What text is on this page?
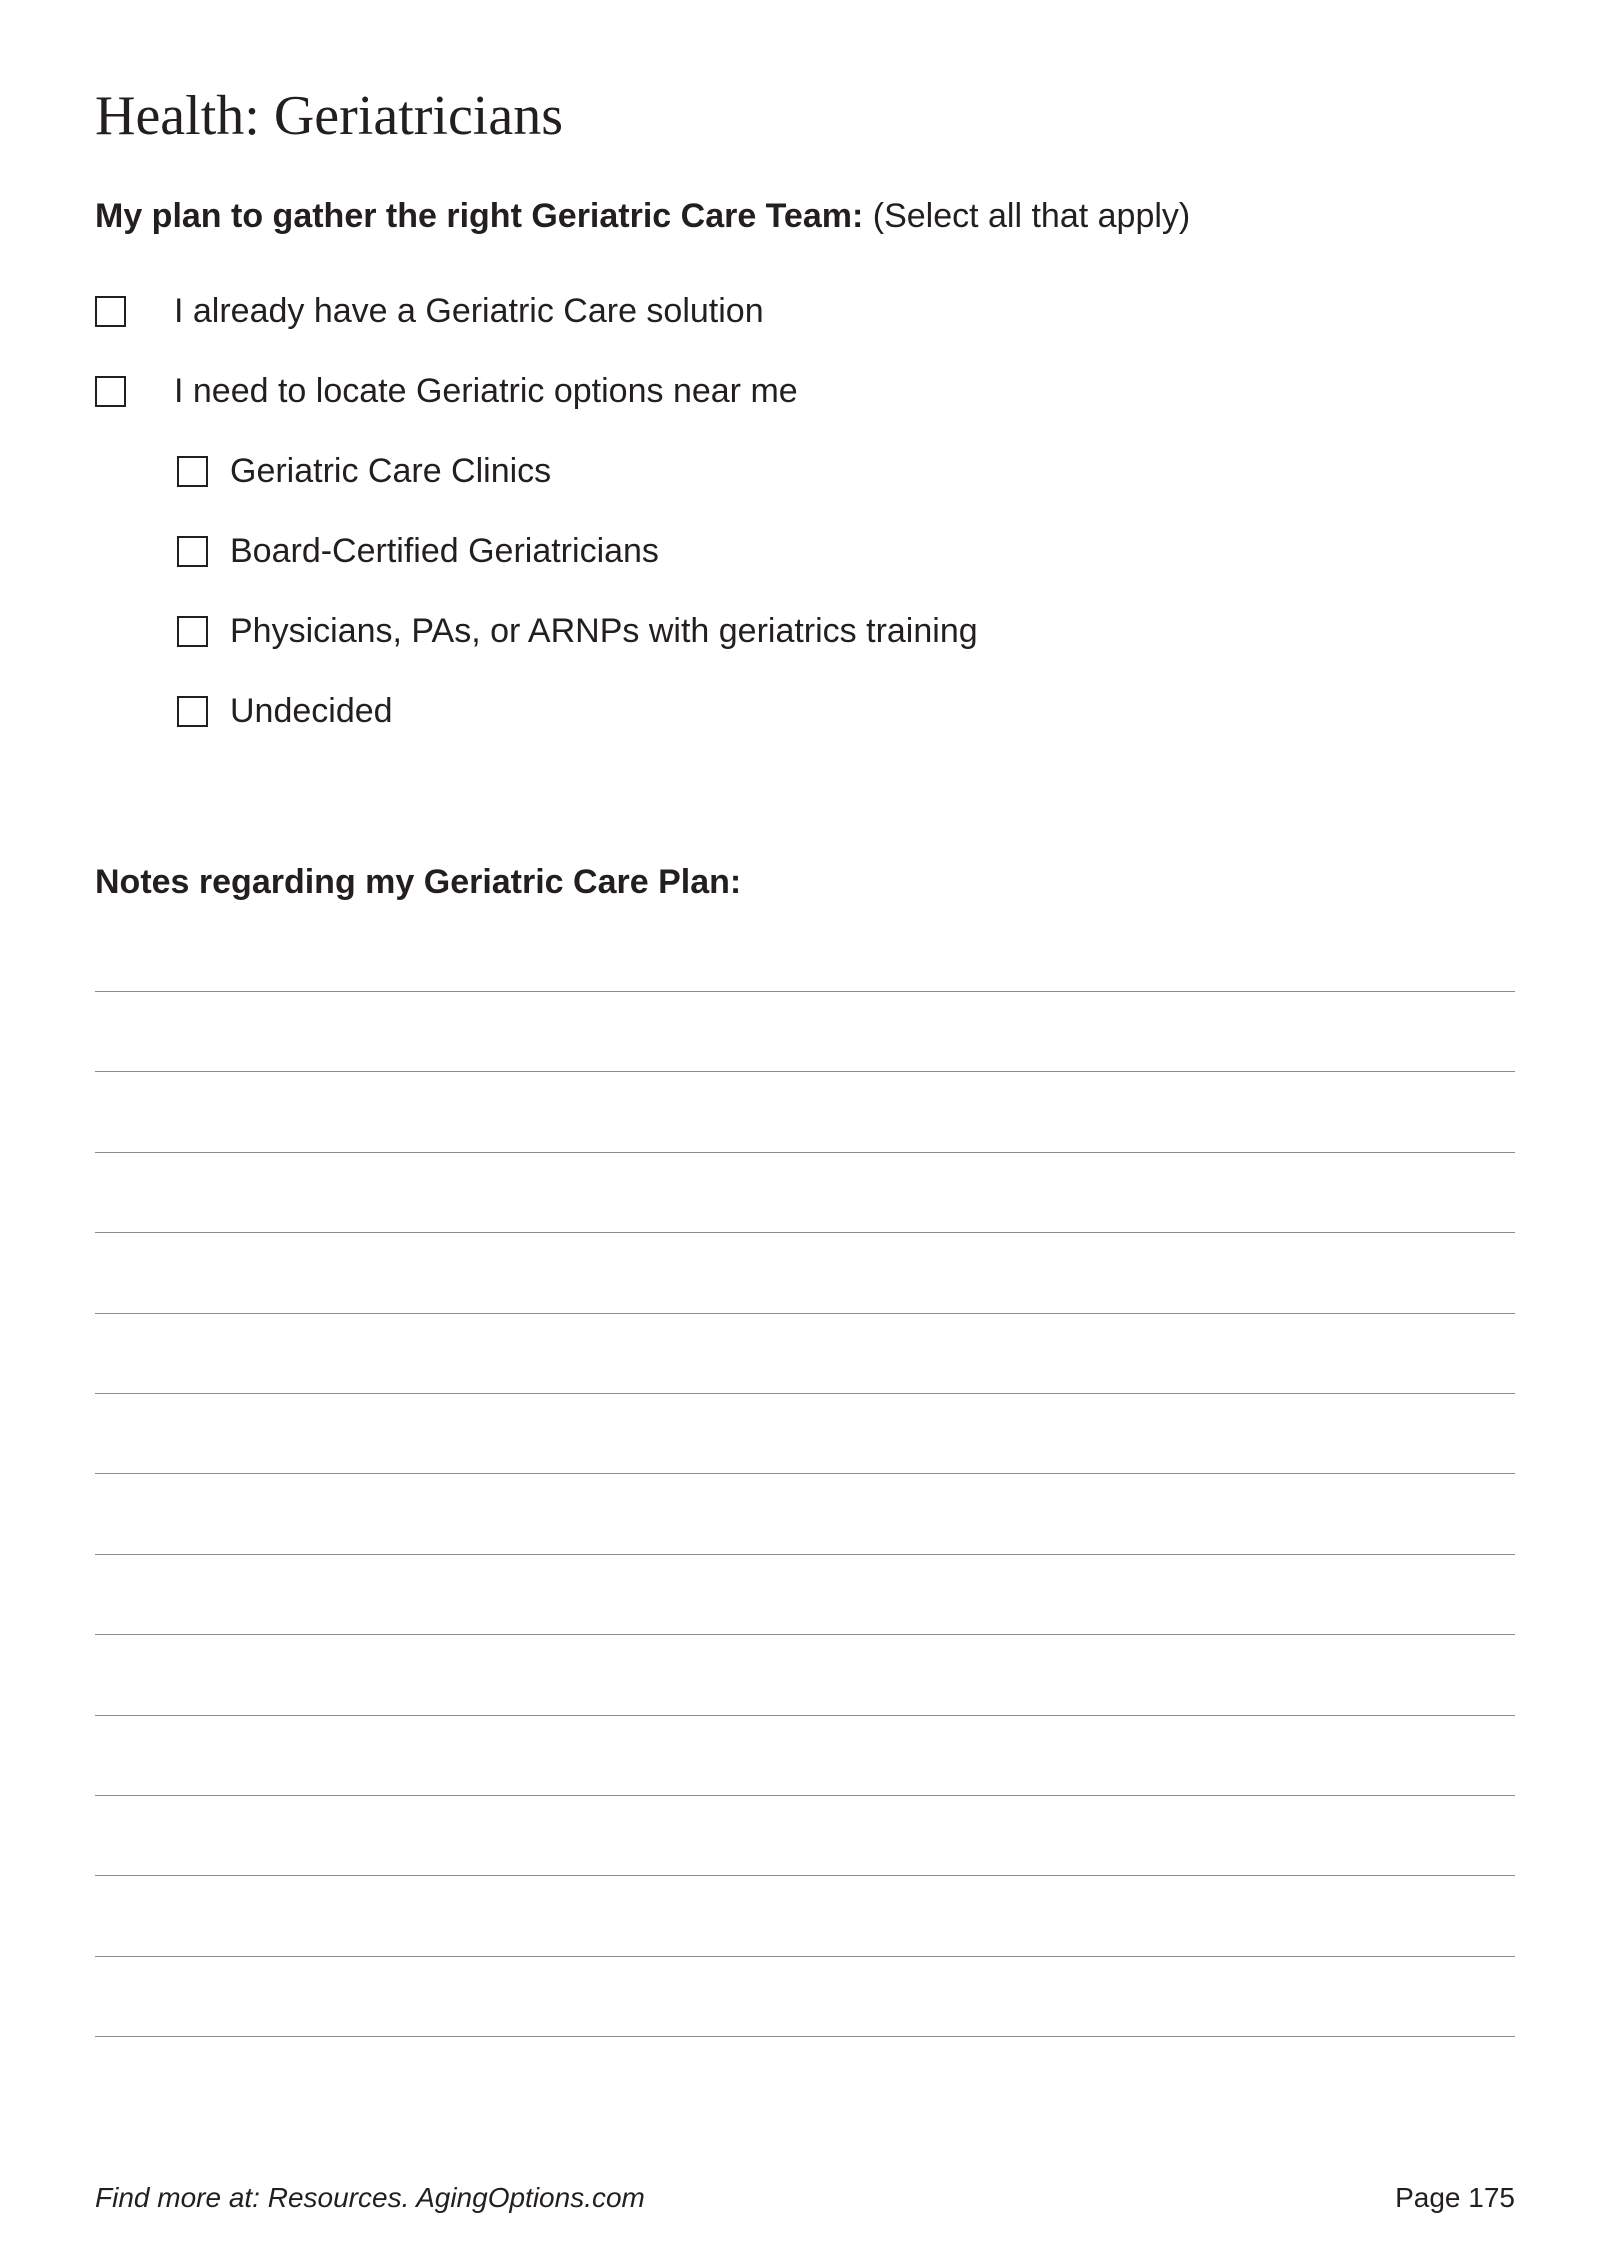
Health: Geriatricians

My plan to gather the right Geriatric Care Team: (Select all that apply)

I already have a Geriatric Care solution
I need to locate Geriatric options near me
Geriatric Care Clinics
Board-Certified Geriatricians
Physicians, PAs, or ARNPs with geriatrics training
Undecided
Notes regarding my Geriatric Care Plan:
Find more at: Resources. AgingOptions.com	Page 175
